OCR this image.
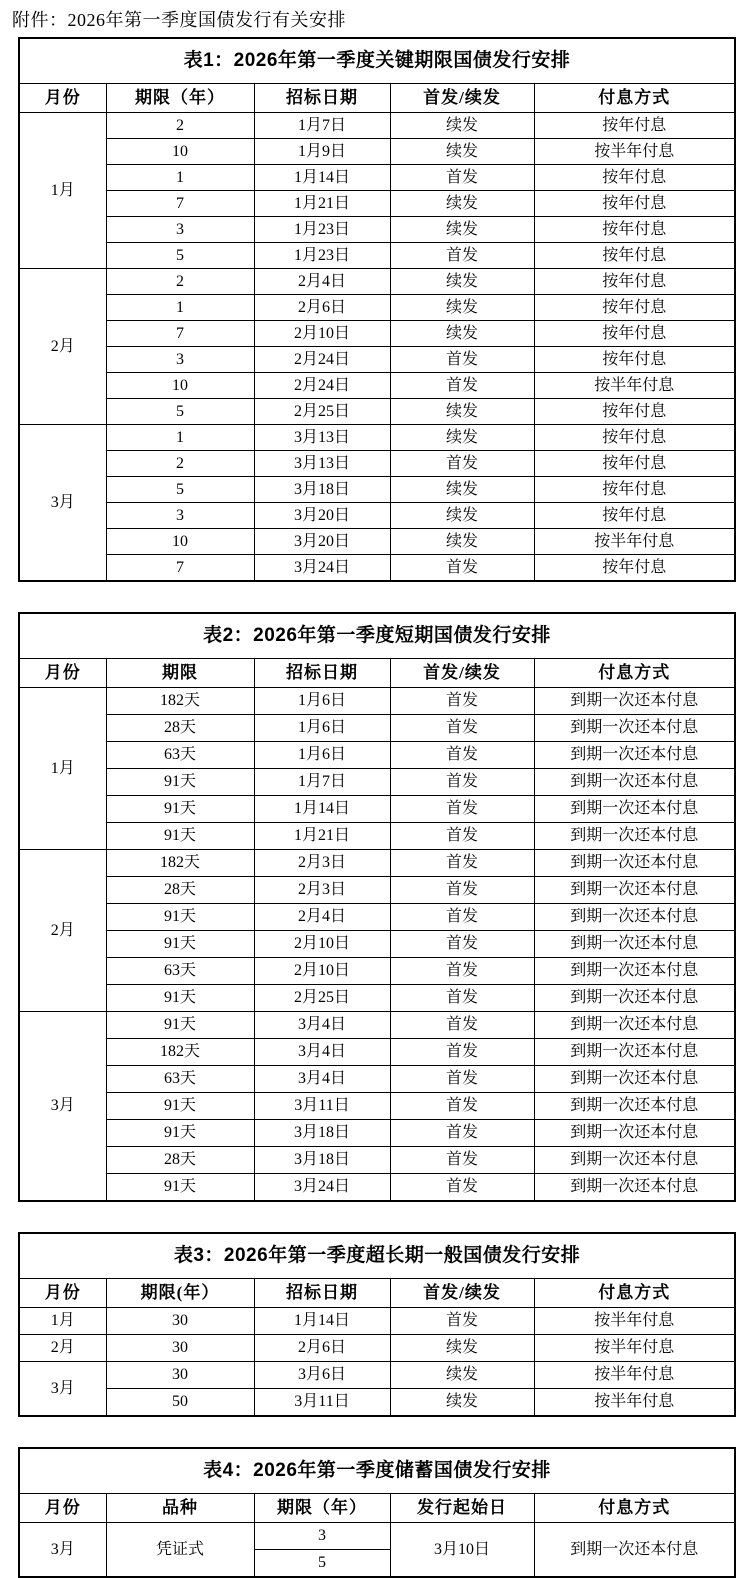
附件：2026年第一季度国债发行有关安排
表1：2026年第一季度关键期限国债发行安排				
月份	期限（年）	招标日期	首发/续发	付息方式
1月	2	1月7日	续发	按年付息
	10	1月9日	续发	按半年付息
	1	1月14日	首发	按年付息
	7	1月21日	续发	按年付息
	3	1月23日	续发	按年付息
	5	1月23日	首发	按年付息
2月	2	2月4日	续发	按年付息
	1	2月6日	续发	按年付息
	7	2月10日	续发	按年付息
	3	2月24日	首发	按年付息
	10	2月24日	首发	按半年付息
	5	2月25日	续发	按年付息
3月	1	3月13日	续发	按年付息
	2	3月13日	首发	按年付息
	5	3月18日	续发	按年付息
	3	3月20日	续发	按年付息
	10	3月20日	续发	按半年付息
	7	3月24日	首发	按年付息
表2：2026年第一季度短期国债发行安排				
月份	期限	招标日期	首发/续发	付息方式
1月	182天	1月6日	首发	到期一次还本付息
	28天	1月6日	首发	到期一次还本付息
	63天	1月6日	首发	到期一次还本付息
	91天	1月7日	首发	到期一次还本付息
	91天	1月14日	首发	到期一次还本付息
	91天	1月21日	首发	到期一次还本付息
2月	182天	2月3日	首发	到期一次还本付息
	28天	2月3日	首发	到期一次还本付息
	91天	2月4日	首发	到期一次还本付息
	91天	2月10日	首发	到期一次还本付息
	63天	2月10日	首发	到期一次还本付息
	91天	2月25日	首发	到期一次还本付息
3月	91天	3月4日	首发	到期一次还本付息
	182天	3月4日	首发	到期一次还本付息
	63天	3月4日	首发	到期一次还本付息
	91天	3月11日	首发	到期一次还本付息
	91天	3月18日	首发	到期一次还本付息
	28天	3月18日	首发	到期一次还本付息
	91天	3月24日	首发	到期一次还本付息
表3：2026年第一季度超长期一般国债发行安排				
月份	期限(年）	招标日期	首发/续发	付息方式
1月	30	1月14日	首发	按半年付息
2月	30	2月6日	续发	按半年付息
3月	30	3月6日	续发	按半年付息
	50	3月11日	续发	按半年付息
表4：2026年第一季度储蓄国债发行安排				
月份	品种	期限（年）	发行起始日	付息方式
3月	凭证式	3	3月10日	到期一次还本付息
		5		
